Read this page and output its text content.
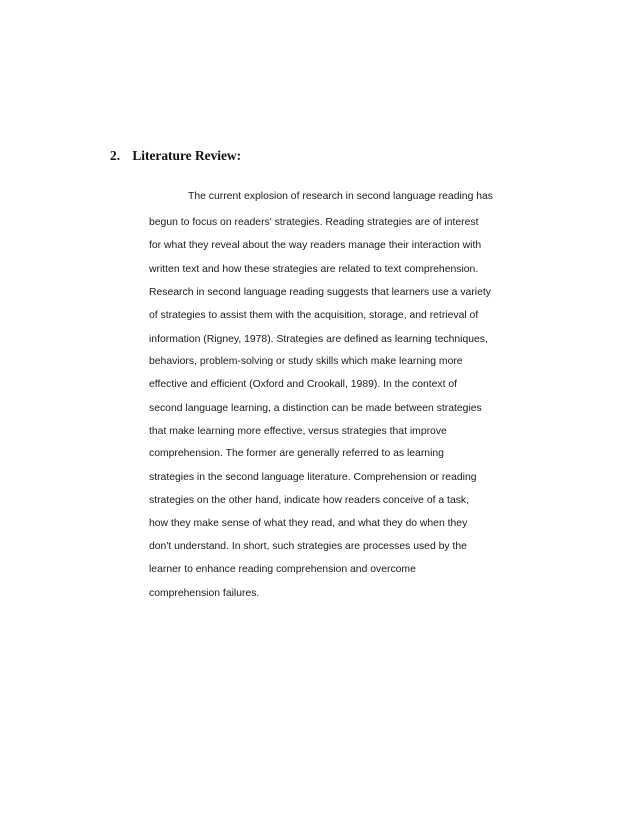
2. Literature Review:
The current explosion of research in second language reading has
begun to focus on readers' strategies. Reading strategies are of interest
for what they reveal about the way readers manage their interaction with
written text and how these strategies are related to text comprehension.
Research in second language reading suggests that learners use a variety
of strategies to assist them with the acquisition, storage, and retrieval of
information (Rigney, 1978). Strategies are defined as learning techniques,
behaviors, problem-solving or study skills which make learning more
effective and efficient (Oxford and Crookall, 1989). In the context of
second language learning, a distinction can be made between strategies
that make learning more effective, versus strategies that improve
comprehension. The former are generally referred to as learning
strategies in the second language literature. Comprehension or reading
strategies on the other hand, indicate how readers conceive of a task,
how they make sense of what they read, and what they do when they
don't understand. In short, such strategies are processes used by the
learner to enhance reading comprehension and overcome
comprehension failures.
